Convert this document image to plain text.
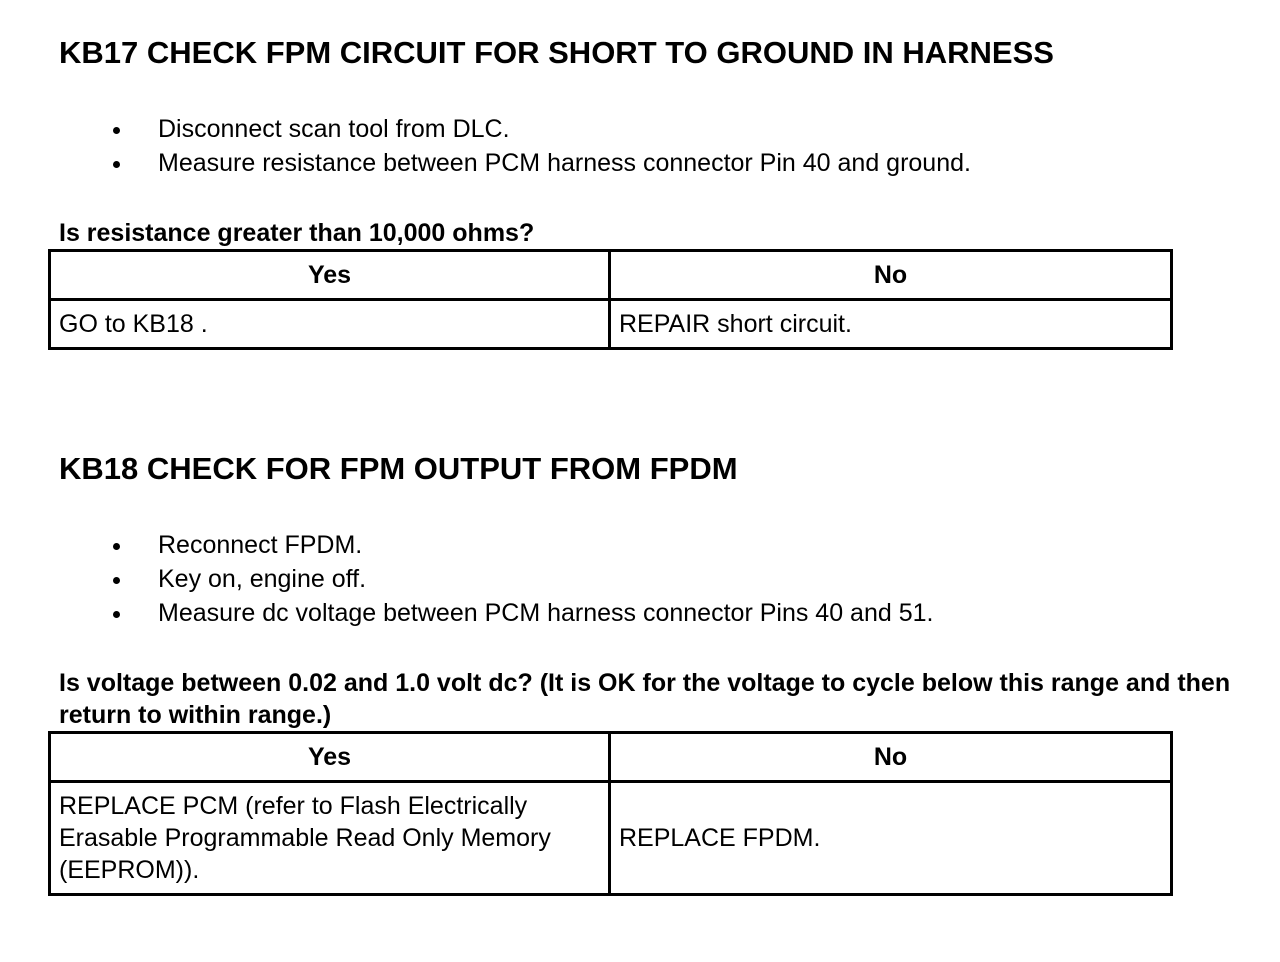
KB17 CHECK FPM CIRCUIT FOR SHORT TO GROUND IN HARNESS
Disconnect scan tool from DLC.
Measure resistance between PCM harness connector Pin 40 and ground.
Is resistance greater than 10,000 ohms?
Yes	No
GO to KB18 .	REPAIR short circuit.
KB18 CHECK FOR FPM OUTPUT FROM FPDM
Reconnect FPDM.
Key on, engine off.
Measure dc voltage between PCM harness connector Pins 40 and 51.
Is voltage between 0.02 and 1.0 volt dc? (It is OK for the voltage to cycle below this range and then return to within range.)
Yes	No
REPLACE PCM (refer to Flash Electrically Erasable Programmable Read Only Memory (EEPROM)).	REPLACE FPDM.
